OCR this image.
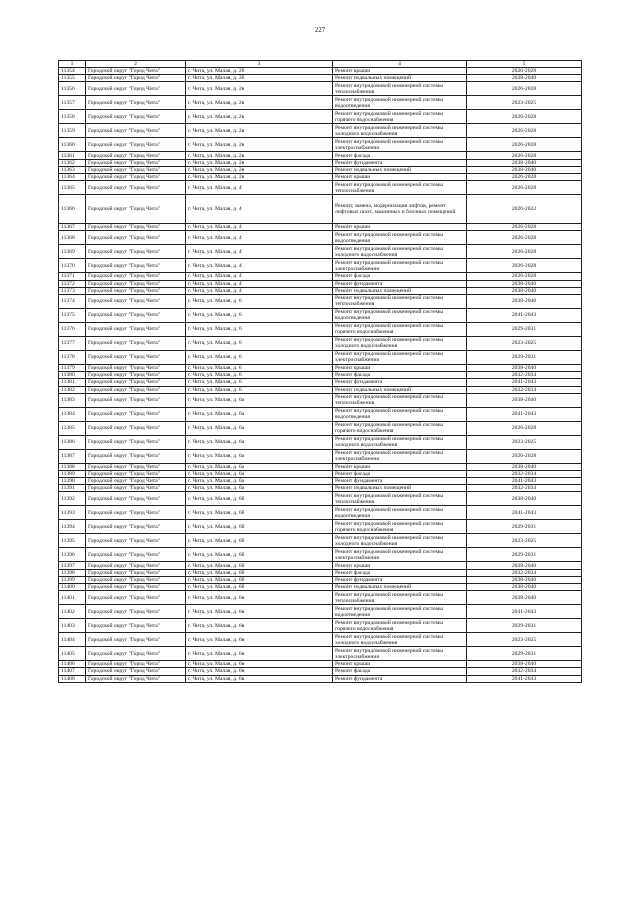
227
1	2	3	4	5
11354	Городской округ "Город Чита"	г. Чита, ул. Малая, д. 2б	Ремонт крыши	2026-2028
11355	Городской округ "Город Чита"	г. Чита, ул. Малая, д. 2б	Ремонт подвальных помещений	2038-2040
11356	Городской округ "Город Чита"	г. Чита, ул. Малая, д. 2в	Ремонт внутридомовой инженерной системы теплоснабжения	2026-2028
11357	Городской округ "Город Чита"	г. Чита, ул. Малая, д. 2в	Ремонт внутридомовой инженерной системы водоотведения	2023-2025
11358	Городской округ "Город Чита"	г. Чита, ул. Малая, д. 2в	Ремонт внутридомовой инженерной системы горячего водоснабжения	2026-2028
11359	Городской округ "Город Чита"	г. Чита, ул. Малая, д. 2в	Ремонт внутридомовой инженерной системы холодного водоснабжения	2026-2028
11360	Городской округ "Город Чита"	г. Чита, ул. Малая, д. 2в	Ремонт внутридомовой инженерной системы электроснабжения	2026-2028
11361	Городской округ "Город Чита"	г. Чита, ул. Малая, д. 2в	Ремонт фасада	2026-2028
11362	Городской округ "Город Чита"	г. Чита, ул. Малая, д. 2в	Ремонт фундамента	2038-2040
11363	Городской округ "Город Чита"	г. Чита, ул. Малая, д. 2в	Ремонт подвальных помещений	2038-2040
11364	Городской округ "Город Чита"	г. Чита, ул. Малая, д. 2в	Ремонт крыши	2026-2028
11365	Городской округ "Город Чита"	г. Чита, ул. Малая, д. 4	Ремонт внутридомовой инженерной системы теплоснабжения	2026-2028
11366	Городской округ "Город Чита"	г. Чита, ул. Малая, д. 4	Ремонт, замена, модернизация лифтов, ремонт лифтовых шахт, машинных и блочных помещений	2020-2022
11367	Городской округ "Город Чита"	г. Чита, ул. Малая, д. 4	Ремонт крыши	2026-2028
11368	Городской округ "Город Чита"	г. Чита, ул. Малая, д. 4	Ремонт внутридомовой инженерной системы водоотведения	2026-2028
11369	Городской округ "Город Чита"	г. Чита, ул. Малая, д. 4	Ремонт внутридомовой инженерной системы холодного водоснабжения	2026-2028
11370	Городской округ "Город Чита"	г. Чита, ул. Малая, д. 4	Ремонт внутридомовой инженерной системы электроснабжения	2026-2028
11371	Городской округ "Город Чита"	г. Чита, ул. Малая, д. 4	Ремонт фасада	2026-2028
11372	Городской округ "Город Чита"	г. Чита, ул. Малая, д. 4	Ремонт фундамента	2038-2040
11373	Городской округ "Город Чита"	г. Чита, ул. Малая, д. 4	Ремонт подвальных помещений	2038-2040
11374	Городской округ "Город Чита"	г. Чита, ул. Малая, д. 6	Ремонт внутридомовой инженерной системы теплоснабжения	2038-2040
11375	Городской округ "Город Чита"	г. Чита, ул. Малая, д. 6	Ремонт внутридомовой инженерной системы водоотведения	2041-2043
11376	Городской округ "Город Чита"	г. Чита, ул. Малая, д. 6	Ремонт внутридомовой инженерной системы горячего водоснабжения	2029-2031
11377	Городской округ "Город Чита"	г. Чита, ул. Малая, д. 6	Ремонт внутридомовой инженерной системы холодного водоснабжения	2023-2025
11378	Городской округ "Город Чита"	г. Чита, ул. Малая, д. 6	Ремонт внутридомовой инженерной системы электроснабжения	2029-2031
11379	Городской округ "Город Чита"	г. Чита, ул. Малая, д. 6	Ремонт крыши	2038-2040
11380	Городской округ "Город Чита"	г. Чита, ул. Малая, д. 6	Ремонт фасада	2032-2034
11381	Городской округ "Город Чита"	г. Чита, ул. Малая, д. 6	Ремонт фундамента	2041-2043
11382	Городской округ "Город Чита"	г. Чита, ул. Малая, д. 6	Ремонт подвальных помещений	2032-2034
11383	Городской округ "Город Чита"	г. Чита, ул. Малая, д. 6а	Ремонт внутридомовой инженерной системы теплоснабжения	2038-2040
11384	Городской округ "Город Чита"	г. Чита, ул. Малая, д. 6а	Ремонт внутридомовой инженерной системы водоотведения	2041-2043
11385	Городской округ "Город Чита"	г. Чита, ул. Малая, д. 6а	Ремонт внутридомовой инженерной системы горячего водоснабжения	2026-2028
11386	Городской округ "Город Чита"	г. Чита, ул. Малая, д. 6а	Ремонт внутридомовой инженерной системы холодного водоснабжения	2023-2025
11387	Городской округ "Город Чита"	г. Чита, ул. Малая, д. 6а	Ремонт внутридомовой инженерной системы электроснабжения	2026-2028
11388	Городской округ "Город Чита"	г. Чита, ул. Малая, д. 6а	Ремонт крыши	2038-2040
11389	Городской округ "Город Чита"	г. Чита, ул. Малая, д. 6а	Ремонт фасада	2032-2034
11390	Городской округ "Город Чита"	г. Чита, ул. Малая, д. 6а	Ремонт фундамента	2041-2043
11391	Городской округ "Город Чита"	г. Чита, ул. Малая, д. 6а	Ремонт подвальных помещений	2032-2034
11392	Городской округ "Город Чита"	г. Чита, ул. Малая, д. 6б	Ремонт внутридомовой инженерной системы теплоснабжения	2038-2040
11393	Городской округ "Город Чита"	г. Чита, ул. Малая, д. 6б	Ремонт внутридомовой инженерной системы водоотведения	2041-2043
11394	Городской округ "Город Чита"	г. Чита, ул. Малая, д. 6б	Ремонт внутридомовой инженерной системы горячего водоснабжения	2029-2031
11395	Городской округ "Город Чита"	г. Чита, ул. Малая, д. 6б	Ремонт внутридомовой инженерной системы холодного водоснабжения	2023-2025
11396	Городской округ "Город Чита"	г. Чита, ул. Малая, д. 6б	Ремонт внутридомовой инженерной системы электроснабжения	2029-2031
11397	Городской округ "Город Чита"	г. Чита, ул. Малая, д. 6б	Ремонт крыши	2038-2040
11398	Городской округ "Город Чита"	г. Чита, ул. Малая, д. 6б	Ремонт фасада	2032-2034
11399	Городской округ "Город Чита"	г. Чита, ул. Малая, д. 6б	Ремонт фундамента	2038-2040
11400	Городской округ "Город Чита"	г. Чита, ул. Малая, д. 6б	Ремонт подвальных помещений	2038-2040
11401	Городской округ "Город Чита"	г. Чита, ул. Малая, д. 6в	Ремонт внутридомовой инженерной системы теплоснабжения	2038-2040
11402	Городской округ "Город Чита"	г. Чита, ул. Малая, д. 6в	Ремонт внутридомовой инженерной системы водоотведения	2041-2043
11403	Городской округ "Город Чита"	г. Чита, ул. Малая, д. 6в	Ремонт внутридомовой инженерной системы горячего водоснабжения	2029-2031
11404	Городской округ "Город Чита"	г. Чита, ул. Малая, д. 6в	Ремонт внутридомовой инженерной системы холодного водоснабжения	2023-2025
11405	Городской округ "Город Чита"	г. Чита, ул. Малая, д. 6в	Ремонт внутридомовой инженерной системы электроснабжения	2029-2031
11406	Городской округ "Город Чита"	г. Чита, ул. Малая, д. 6в	Ремонт крыши	2038-2040
11407	Городской округ "Город Чита"	г. Чита, ул. Малая, д. 6в	Ремонт фасада	2032-2034
11408	Городской округ "Город Чита"	г. Чита, ул. Малая, д. 6в	Ремонт фундамента	2041-2043
